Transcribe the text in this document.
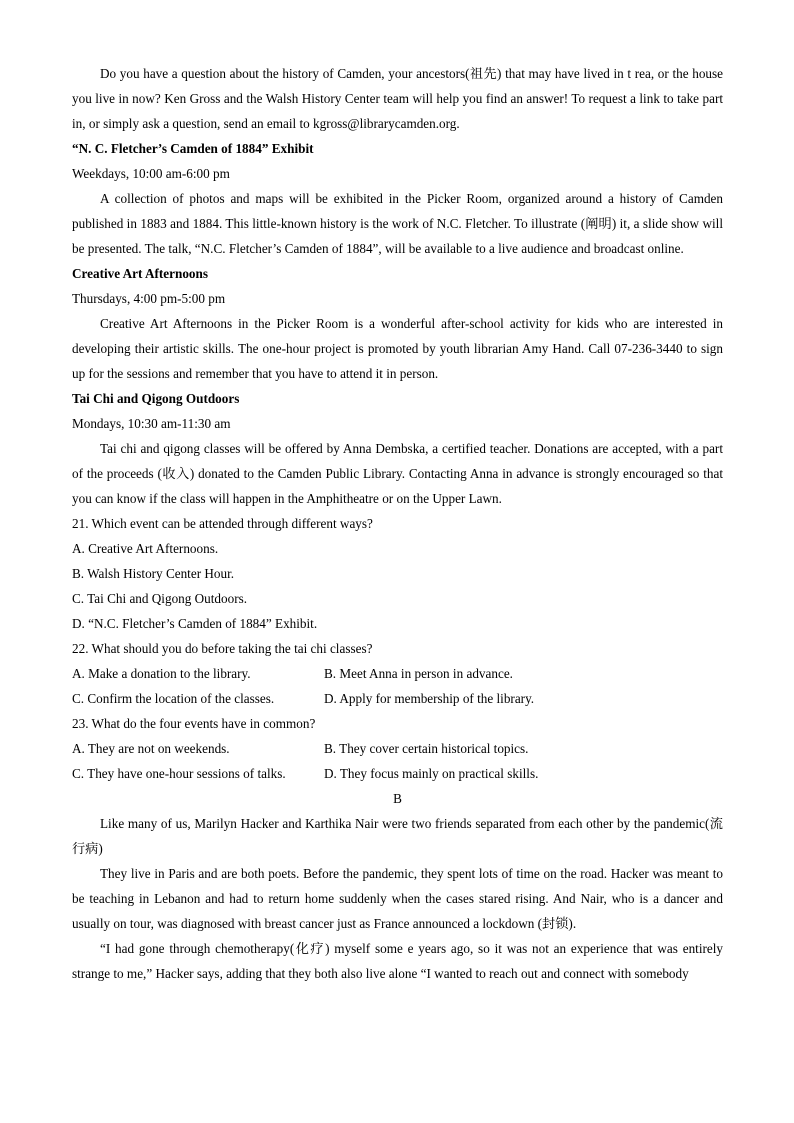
Do you have a question about the history of Camden, your ancestors(祖先) that may have lived in t rea, or the house you live in now? Ken Gross and the Walsh History Center team will help you find an answer! To request a link to take part in, or simply ask a question, send an email to kgross@librarycamden.org.

“N. C. Fletcher’s Camden of 1884” Exhibit

Weekdays, 10:00 am-6:00 pm

A collection of photos and maps will be exhibited in the Picker Room, organized around a history of Camden published in 1883 and 1884. This little-known history is the work of N.C. Fletcher. To illustrate (阐明) it, a slide show will be presented. The talk, “N.C. Fletcher’s Camden of 1884”, will be available to a live audience and broadcast online.

Creative Art Afternoons

Thursdays, 4:00 pm-5:00 pm

Creative Art Afternoons in the Picker Room is a wonderful after-school activity for kids who are interested in developing their artistic skills. The one-hour project is promoted by youth librarian Amy Hand. Call 07-236-3440 to sign up for the sessions and remember that you have to attend it in person.

Tai Chi and Qigong Outdoors

Mondays, 10:30 am-11:30 am

Tai chi and qigong classes will be offered by Anna Dembska, a certified teacher. Donations are accepted, with a part of the proceeds (收入) donated to the Camden Public Library. Contacting Anna in advance is strongly encouraged so that you can know if the class will happen in the Amphitheatre or on the Upper Lawn.

21. Which event can be attended through different ways?

A. Creative Art Afternoons.

B. Walsh History Center Hour.

C. Tai Chi and Qigong Outdoors.

D. “N.C. Fletcher’s Camden of 1884” Exhibit.

22. What should you do before taking the tai chi classes?

A. Make a donation to the library.	B. Meet Anna in person in advance.
C. Confirm the location of the classes.	D. Apply for membership of the library.

23. What do the four events have in common?

A. They are not on weekends.	B. They cover certain historical topics.
C. They have one-hour sessions of talks.	D. They focus mainly on practical skills.

B

Like many of us, Marilyn Hacker and Karthika Nair were two friends separated from each other by the pandemic(流行病)

They live in Paris and are both poets. Before the pandemic, they spent lots of time on the road. Hacker was meant to be teaching in Lebanon and had to return home suddenly when the cases stared rising. And Nair, who is a dancer and usually on tour, was diagnosed with breast cancer just as France announced a lockdown (封锁).

“I had gone through chemotherapy(化疗) myself some e years ago, so it was not an experience that was entirely strange to me,” Hacker says, adding that they both also live alone “I wanted to reach out and connect with somebody
